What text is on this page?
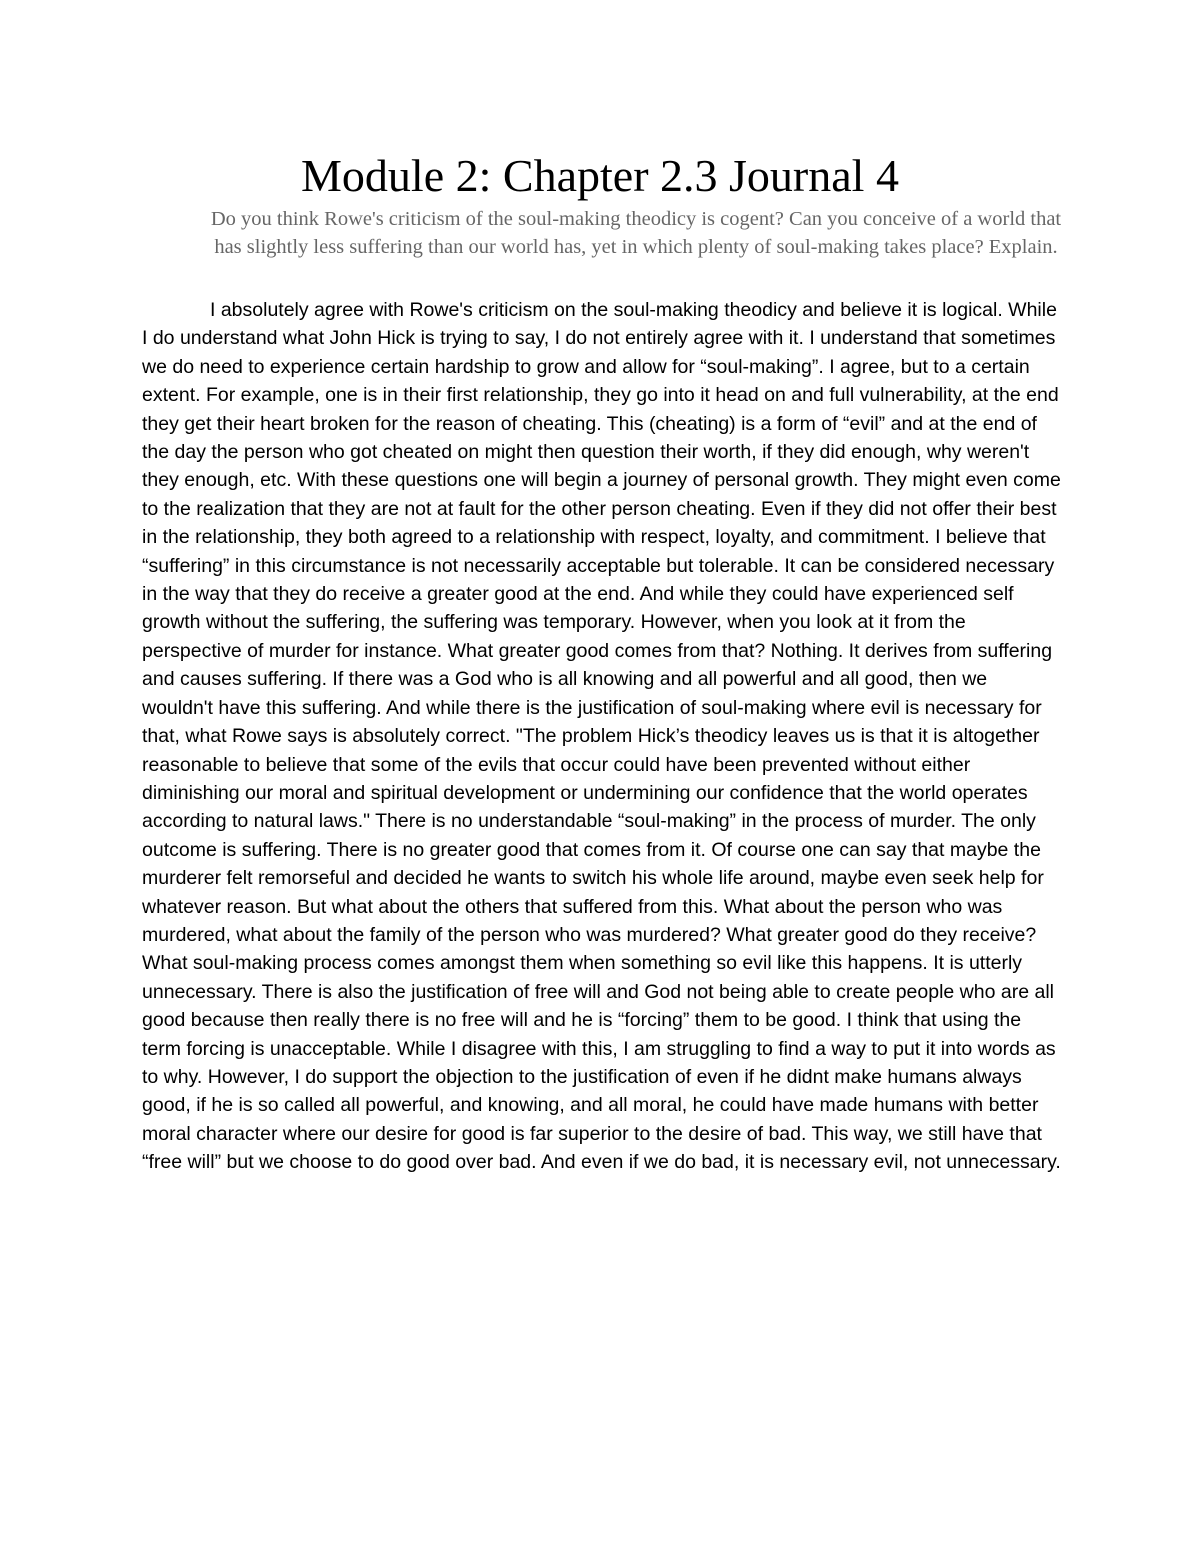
Module 2: Chapter 2.3 Journal 4

Do you think Rowe's criticism of the soul-making theodicy is cogent? Can you conceive of a world that has slightly less suffering than our world has, yet in which plenty of soul-making takes place? Explain.

I absolutely agree with Rowe's criticism on the soul-making theodicy and believe it is logical. While I do understand what John Hick is trying to say, I do not entirely agree with it. I understand that sometimes we do need to experience certain hardship to grow and allow for “soul-making”. I agree, but to a certain extent. For example, one is in their first relationship, they go into it head on and full vulnerability, at the end they get their heart broken for the reason of cheating. This (cheating) is a form of “evil” and at the end of the day the person who got cheated on might then question their worth, if they did enough, why weren't they enough, etc. With these questions one will begin a journey of personal growth. They might even come to the realization that they are not at fault for the other person cheating. Even if they did not offer their best in the relationship, they both agreed to a relationship with respect, loyalty, and commitment. I believe that “suffering” in this circumstance is not necessarily acceptable but tolerable. It can be considered necessary in the way that they do receive a greater good at the end. And while they could have experienced self growth without the suffering, the suffering was temporary. However, when you look at it from the perspective of murder for instance. What greater good comes from that? Nothing. It derives from suffering and causes suffering. If there was a God who is all knowing and all powerful and all good, then we wouldn't have this suffering. And while there is the justification of soul-making where evil is necessary for that, what Rowe says is absolutely correct. "The problem Hick’s theodicy leaves us is that it is altogether reasonable to believe that some of the evils that occur could have been prevented without either diminishing our moral and spiritual development or undermining our confidence that the world operates according to natural laws." There is no understandable “soul-making” in the process of murder. The only outcome is suffering. There is no greater good that comes from it. Of course one can say that maybe the murderer felt remorseful and decided he wants to switch his whole life around, maybe even seek help for whatever reason. But what about the others that suffered from this. What about the person who was murdered, what about the family of the person who was murdered? What greater good do they receive? What soul-making process comes amongst them when something so evil like this happens. It is utterly unnecessary. There is also the justification of free will and God not being able to create people who are all good because then really there is no free will and he is “forcing” them to be good. I think that using the term forcing is unacceptable. While I disagree with this, I am struggling to find a way to put it into words as to why. However, I do support the objection to the justification of even if he didnt make humans always good, if he is so called all powerful, and knowing, and all moral, he could have made humans with better moral character where our desire for good is far superior to the desire of bad. This way, we still have that “free will” but we choose to do good over bad. And even if we do bad, it is necessary evil, not unnecessary.
